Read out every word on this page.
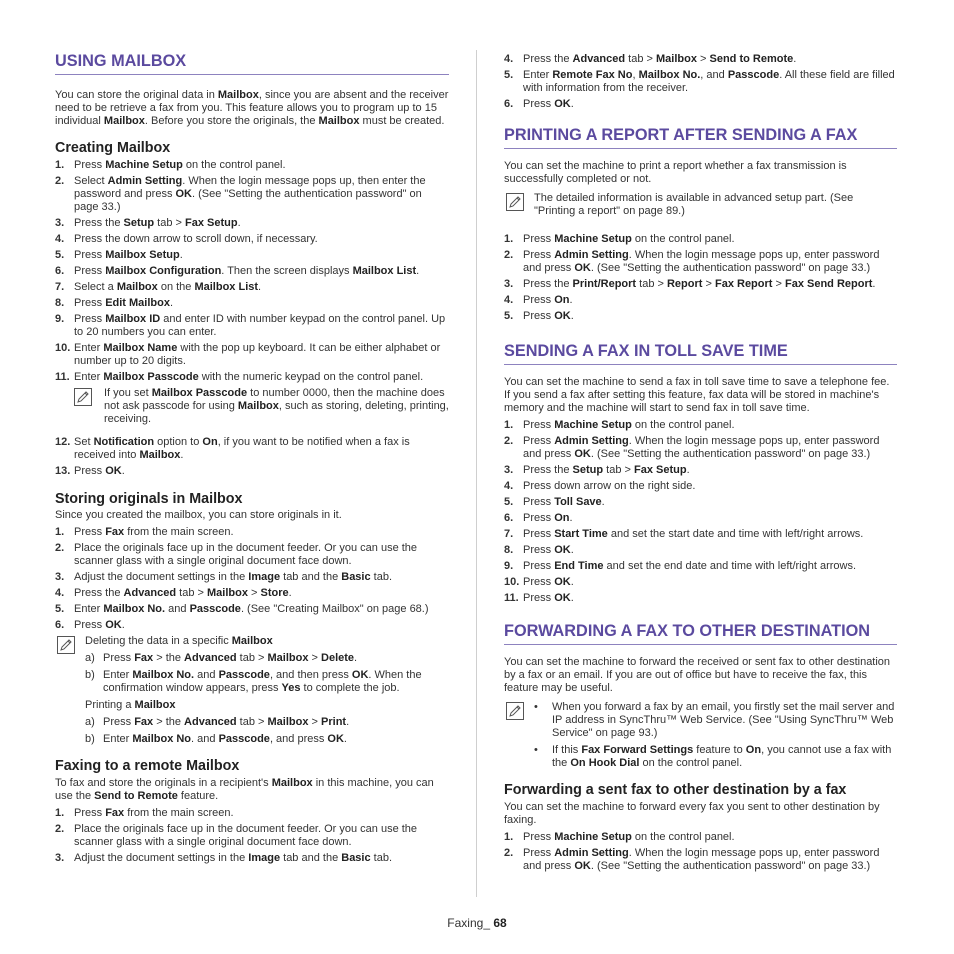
USING MAILBOX

You can store the original data in Mailbox, since you are absent and the receiver need to be retrieve a fax from you. This feature allows you to program up to 15 individual Mailbox. Before you store the originals, the Mailbox must be created.

Creating Mailbox
1. Press Machine Setup on the control panel.
2. Select Admin Setting. When the login message pops up, then enter the password and press OK. (See "Setting the authentication password" on page 33.)
3. Press the Setup tab > Fax Setup.
4. Press the down arrow to scroll down, if necessary.
5. Press Mailbox Setup.
6. Press Mailbox Configuration. Then the screen displays Mailbox List.
7. Select a Mailbox on the Mailbox List.
8. Press Edit Mailbox.
9. Press Mailbox ID and enter ID with number keypad on the control panel. Up to 20 numbers you can enter.
10. Enter Mailbox Name with the pop up keyboard. It can be either alphabet or number up to 20 digits.
11. Enter Mailbox Passcode with the numeric keypad on the control panel.
If you set Mailbox Passcode to number 0000, then the machine does not ask passcode for using Mailbox, such as storing, deleting, printing, receiving.
12. Set Notification option to On, if you want to be notified when a fax is received into Mailbox.
13. Press OK.
Storing originals in Mailbox

Since you created the mailbox, you can store originals in it.

1. Press Fax from the main screen.
2. Place the originals face up in the document feeder. Or you can use the scanner glass with a single original document face down.
3. Adjust the document settings in the Image tab and the Basic tab.
4. Press the Advanced tab > Mailbox > Store.
5. Enter Mailbox No. and Passcode. (See "Creating Mailbox" on page 68.)
6. Press OK.
Deleting the data in a specific Mailbox
a) Press Fax > the Advanced tab > Mailbox > Delete.
b) Enter Mailbox No. and Passcode, and then press OK. When the confirmation window appears, press Yes to complete the job.
Printing a Mailbox
a) Press Fax > the Advanced tab > Mailbox > Print.
b) Enter Mailbox No. and Passcode, and press OK.
Faxing to a remote Mailbox

To fax and store the originals in a recipient's Mailbox in this machine, you can use the Send to Remote feature.

1. Press Fax from the main screen.
2. Place the originals face up in the document feeder. Or you can use the scanner glass with a single original document face down.
3. Adjust the document settings in the Image tab and the Basic tab.
4. Press the Advanced tab > Mailbox > Send to Remote.
5. Enter Remote Fax No, Mailbox No., and Passcode. All these field are filled with information from the receiver.
6. Press OK.
PRINTING A REPORT AFTER SENDING A FAX

You can set the machine to print a report whether a fax transmission is successfully completed or not.

The detailed information is available in advanced setup part. (See "Printing a report" on page 89.)
1. Press Machine Setup on the control panel.
2. Press Admin Setting. When the login message pops up, enter password and press OK. (See "Setting the authentication password" on page 33.)
3. Press the Print/Report tab > Report > Fax Report > Fax Send Report.
4. Press On.
5. Press OK.
SENDING A FAX IN TOLL SAVE TIME

You can set the machine to send a fax in toll save time to save a telephone fee. If you send a fax after setting this feature, fax data will be stored in machine's memory and the machine will start to send fax in toll save time.

1. Press Machine Setup on the control panel.
2. Press Admin Setting. When the login message pops up, enter password and press OK. (See "Setting the authentication password" on page 33.)
3. Press the Setup tab > Fax Setup.
4. Press down arrow on the right side.
5. Press Toll Save.
6. Press On.
7. Press Start Time and set the start date and time with left/right arrows.
8. Press OK.
9. Press End Time and set the end date and time with left/right arrows.
10. Press OK.
11. Press OK.
FORWARDING A FAX TO OTHER DESTINATION

You can set the machine to forward the received or sent fax to other destination by a fax or an email. If you are out of office but have to receive the fax, this feature may be useful.

• When you forward a fax by an email, you firstly set the mail server and IP address in SyncThru™ Web Service. (See "Using SyncThru™ Web Service" on page 93.)
• If this Fax Forward Settings feature to On, you cannot use a fax with the On Hook Dial on the control panel.
Forwarding a sent fax to other destination by a fax

You can set the machine to forward every fax you sent to other destination by faxing.

1. Press Machine Setup on the control panel.
2. Press Admin Setting. When the login message pops up, enter password and press OK. (See "Setting the authentication password" on page 33.)
Faxing_ 68
